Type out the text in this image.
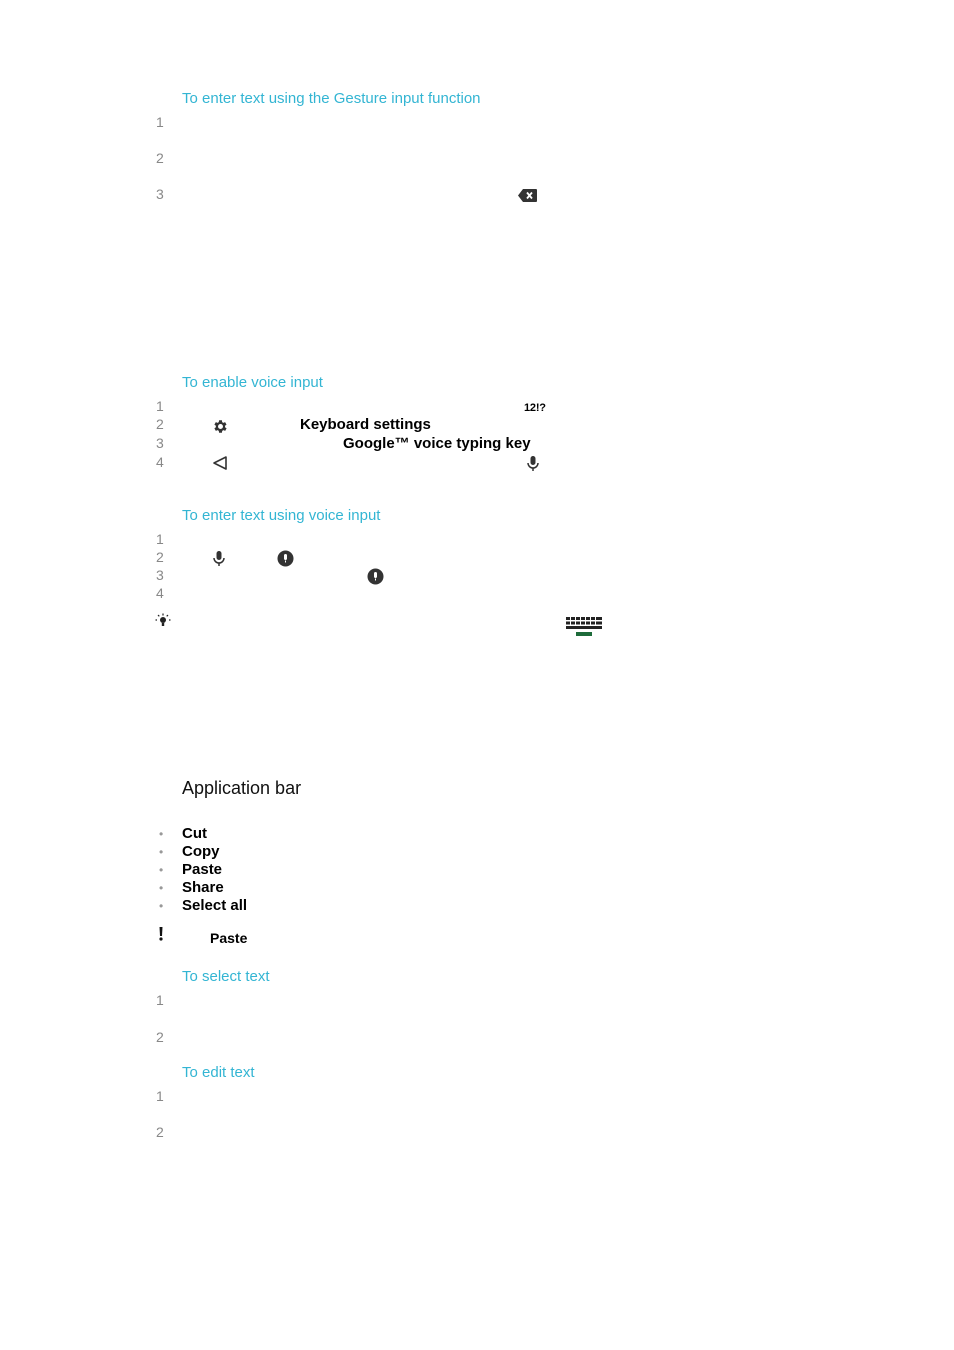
To enter text using the Gesture input function
1
2
3
To enable voice input
1	12!?
2	Keyboard settings
3	Google™ voice typing key
4
To enter text using voice input
1
2
3
4
Application bar
• Cut
• Copy
• Paste
• Share
• Select all
Paste
To select text
1
2
To edit text
1
2
